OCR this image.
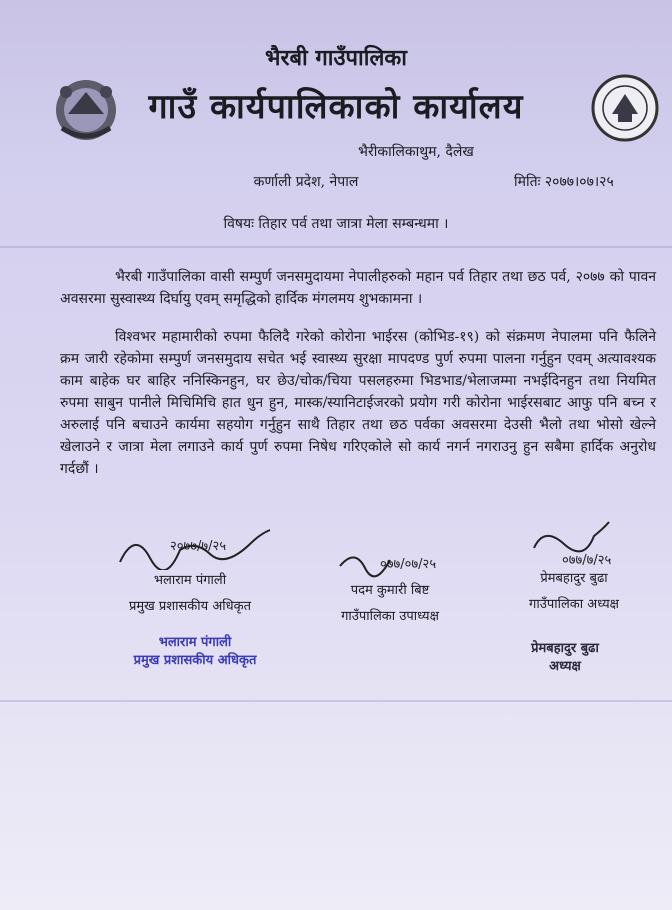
भैरबी गाउँपालिका
गाउँ कार्यपालिकाको कार्यालय
भैरीकालिकाथुम, दैलेख
कर्णाली प्रदेश, नेपाल	मितिः २०७७।०७।२५
विषयः तिहार पर्व तथा जात्रा मेला सम्बन्धमा ।
भैरबी गाउँपालिका वासी सम्पुर्ण जनसमुदायमा नेपालीहरुको महान पर्व तिहार तथा छठ पर्व, २०७७ को पावन अवसरमा सुस्वास्थ्य दिर्घायु एवम् समृद्धिको हार्दिक मंगलमय शुभकामना ।
विश्वभर महामारीको रुपमा फैलिदै गरेको कोरोना भाईरस (कोभिड-१९) को संक्रमण नेपालमा पनि फैलिने क्रम जारी रहेकोमा सम्पुर्ण जनसमुदाय सचेत भई स्वास्थ्य सुरक्षा मापदण्ड पुर्ण रुपमा पालना गर्नुहुन एवम् अत्यावश्यक काम बाहेक घर बाहिर ननिस्किनहुन, घर छेउ/चोक/चिया पसलहरुमा भिडभाड/भेलाजम्मा नभईदिनहुन तथा नियमित रुपमा साबुन पानीले मिचिमिचि हात धुन हुन, मास्क/स्यानिटाईजरको प्रयोग गरी कोरोना भाईरसबाट आफु पनि बच्न र अरुलाई पनि बचाउने कार्यमा सहयोग गर्नुहुन साथै तिहार तथा छठ पर्वका अवसरमा देउसी भैलो तथा भोसो खेल्ने खेलाउने र जात्रा मेला लगाउने कार्य पुर्ण रुपमा निषेध गरिएकोले सो कार्य नगर्न नगराउनु हुन सबैमा हार्दिक अनुरोध गर्दछौं ।
२०७७/७/२५
भलाराम पंगाली
प्रमुख प्रशासकीय अधिकृत
०७७/०७/२५
पदम कुमारी बिष्ट
गाउँपालिका उपाध्यक्ष
०७७/७/२५
प्रेमबहादुर बुढा
गाउँपालिका अध्यक्ष
भलाराम पंगाली
प्रमुख प्रशासकीय अधिकृत
प्रेमबहादुर बुढा
अध्यक्ष
